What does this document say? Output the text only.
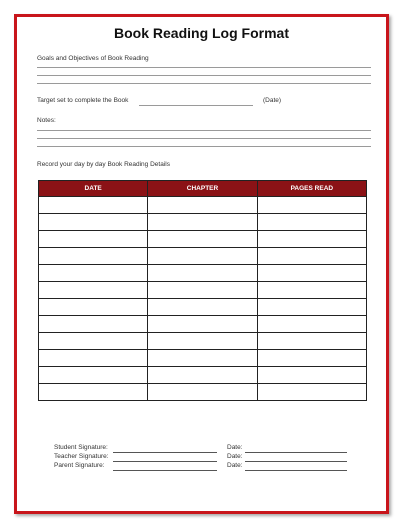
Book Reading Log Format
Goals and Objectives of Book Reading
Target set to complete the Book	(Date)
Notes:
Record your day by day Book Reading Details
DATE	CHAPTER	PAGES READ

Student Signature:	Date:
Teacher Signature:	Date:
Parent Signature:	Date:
